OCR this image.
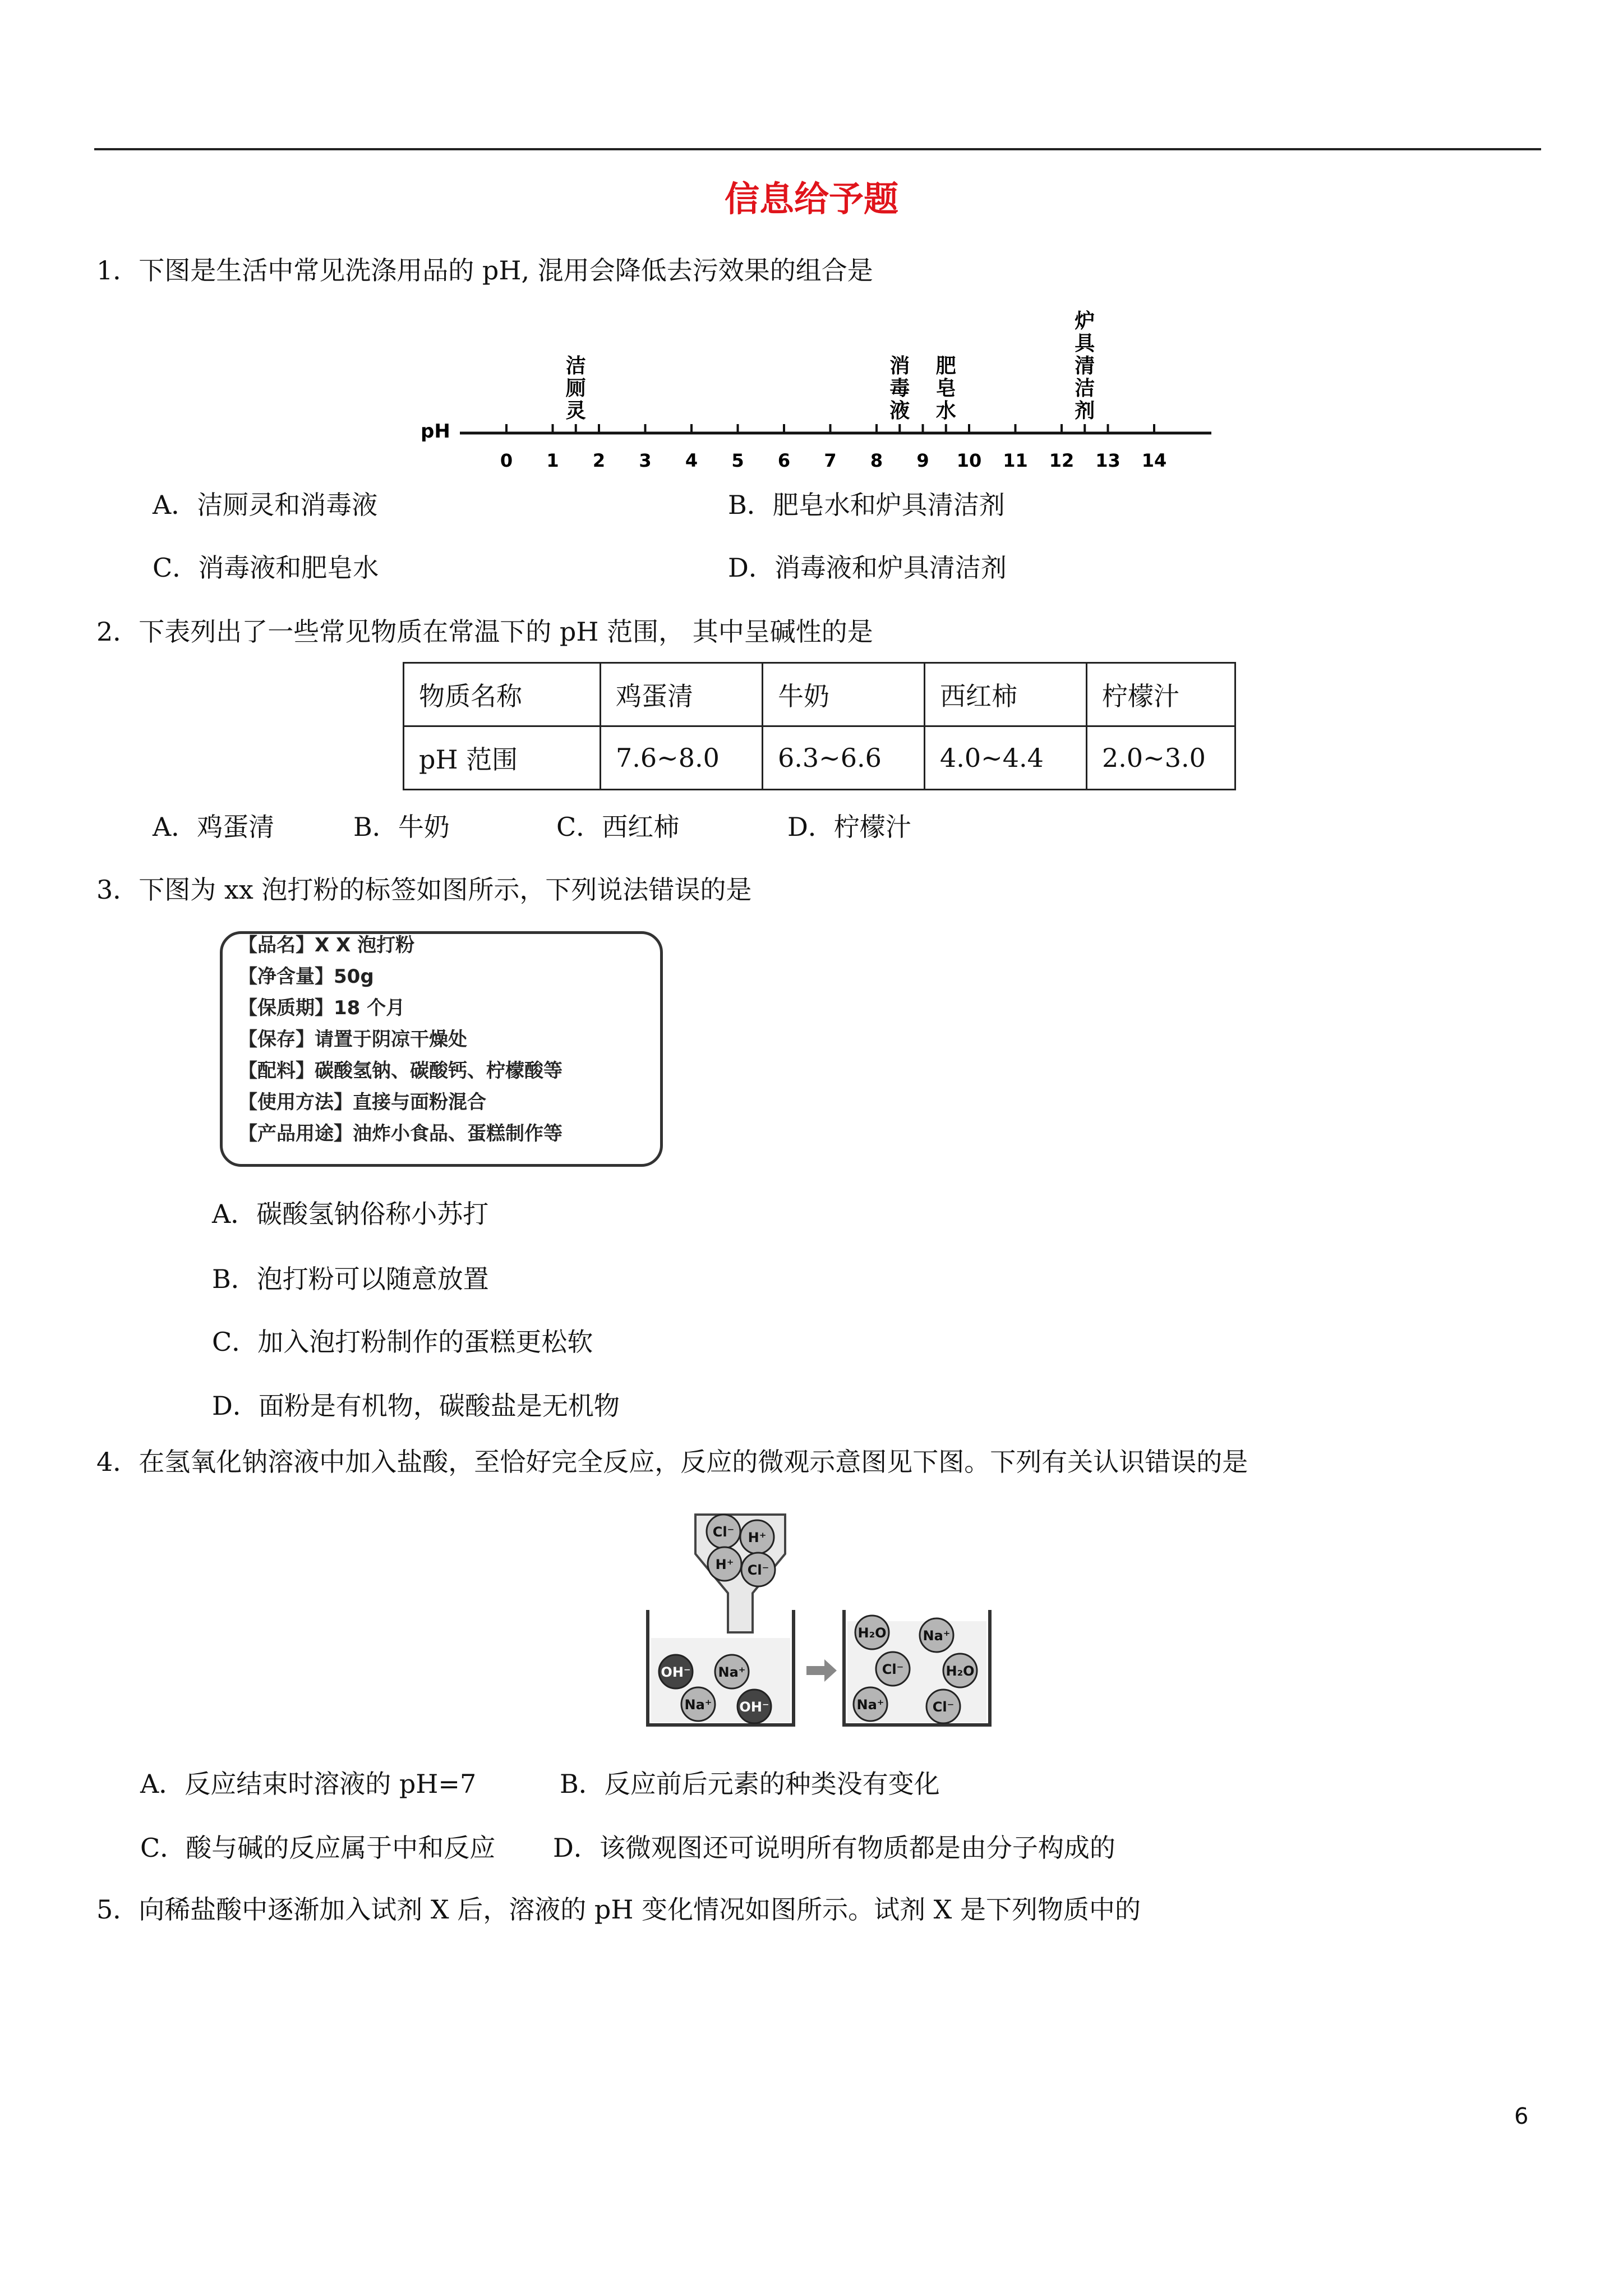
信息给予题
1．下图是生活中常见洗涤用品的 pH, 混用会降低去污效果的组合是
pH
0 1 2 3 4 5 6 7 8 9 10 11 12 13 14
洁
厕
灵
消
毒
液
肥
皂
水
炉
具
清
洁
剂
A．洁厕灵和消毒液	B．肥皂水和炉具清洁剂
C．消毒液和肥皂水	D．消毒液和炉具清洁剂
2．下表列出了一些常见物质在常温下的 pH 范围， 其中呈碱性的是
物质名称	鸡蛋清	牛奶	西红柿	柠檬汁
pH 范围	7.6~8.0	6.3~6.6	4.0~4.4	2.0~3.0
A．鸡蛋清	B．牛奶	C．西红柿	D．柠檬汁
3．下图为 xx 泡打粉的标签如图所示，下列说法错误的是
【品名】X X 泡打粉
【净含量】50g
【保质期】18 个月
【保存】请置于阴凉干燥处
【配料】碳酸氢钠、碳酸钙、柠檬酸等
【使用方法】直接与面粉混合
【产品用途】油炸小食品、蛋糕制作等
A．碳酸氢钠俗称小苏打
B．泡打粉可以随意放置
C．加入泡打粉制作的蛋糕更松软
D．面粉是有机物，碳酸盐是无机物
4．在氢氧化钠溶液中加入盐酸，至恰好完全反应，反应的微观示意图见下图。下列有关认识错误的是
Cl⁻ H⁺
H⁺ Cl⁻
OH⁻ Na⁺
Na⁺ OH⁻
H₂O	Na⁺
Cl⁻	H₂O
Na⁺	Cl⁻
A．反应结束时溶液的 pH=7	B．反应前后元素的种类没有变化
C．酸与碱的反应属于中和反应 D．该微观图还可说明所有物质都是由分子构成的
5．向稀盐酸中逐渐加入试剂 X 后，溶液的 pH 变化情况如图所示。试剂 X 是下列物质中的
6
